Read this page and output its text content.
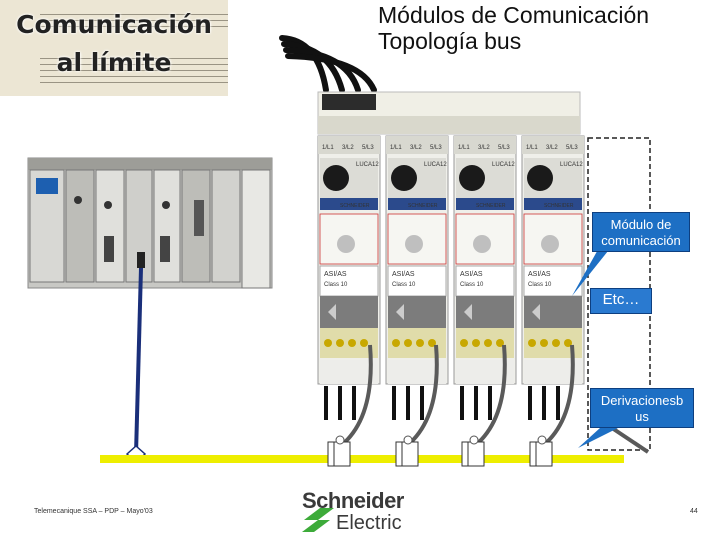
Comunicación
al límite
Módulos de Comunicación
Topología bus
1/L1 3/L2 5/L3
LUCA12
ASI/AS
Class 10
SCHNEIDER
1/L1 3/L2 5/L3
LUCA12
ASI/AS
Class 10
SCHNEIDER
1/L1 3/L2 5/L3
LUCA12
ASI/AS
Class 10
SCHNEIDER
1/L1 3/L2 5/L3
LUCA12
ASI/AS
Class 10
SCHNEIDER
Módulo de comunicación
Etc…
Derivacionesb us
Telemecanique SSA – PDP – Mayo'03	Schneider
Electric
44
